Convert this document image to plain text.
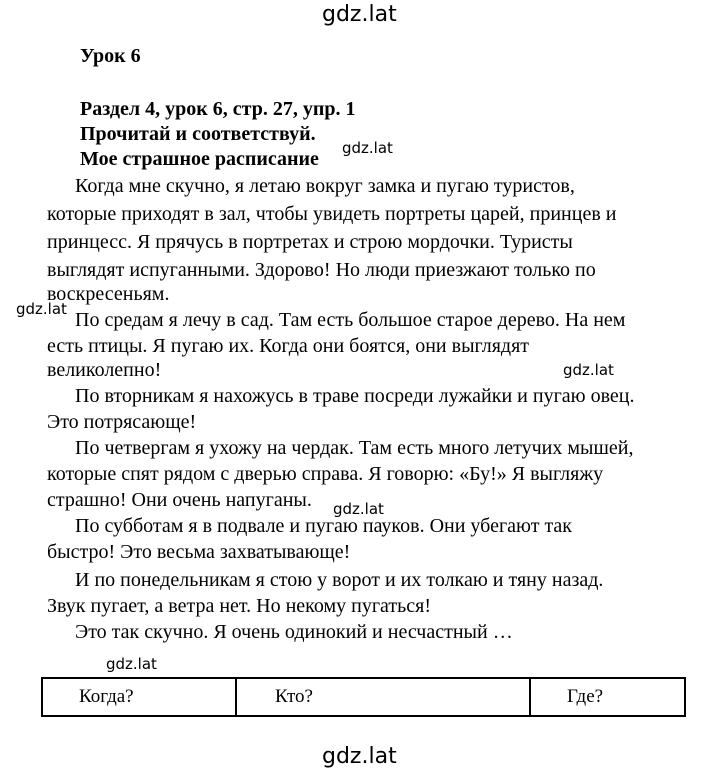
gdz.lat
Урок 6
Раздел 4, урок 6, стр. 27, упр. 1
Прочитай и соответствуй.
Мое страшное расписание gdz.lat
Когда мне скучно, я летаю вокруг замка и пугаю туристов,
которые приходят в зал, чтобы увидеть портреты царей, принцев и
принцесс. Я прячусь в портретах и строю мордочки. Туристы
выглядят испуганными. Здорово! Но люди приезжают только по
воскресеньям.
gdz.lat По средам я лечу в сад. Там есть большое старое дерево. На нем
есть птицы. Я пугаю их. Когда они боятся, они выглядят
великолепно!	gdz.lat
По вторникам я нахожусь в траве посреди лужайки и пугаю овец.
Это потрясающе!
По четвергам я ухожу на чердак. Там есть много летучих мышей,
которые спят рядом с дверью справа. Я говорю: «Бу!» Я выгляжу
страшно! Они очень напуганы. gdz.lat
По субботам я в подвале и пугаю пауков. Они убегают так
быстро! Это весьма захватывающе!
И по понедельникам я стою у ворот и их толкаю и тяну назад.
Звук пугает, а ветра нет. Но некому пугаться!
Это так скучно. Я очень одинокий и несчастный …
gdz.lat
Когда?	Кто?	Где?
gdz.lat
